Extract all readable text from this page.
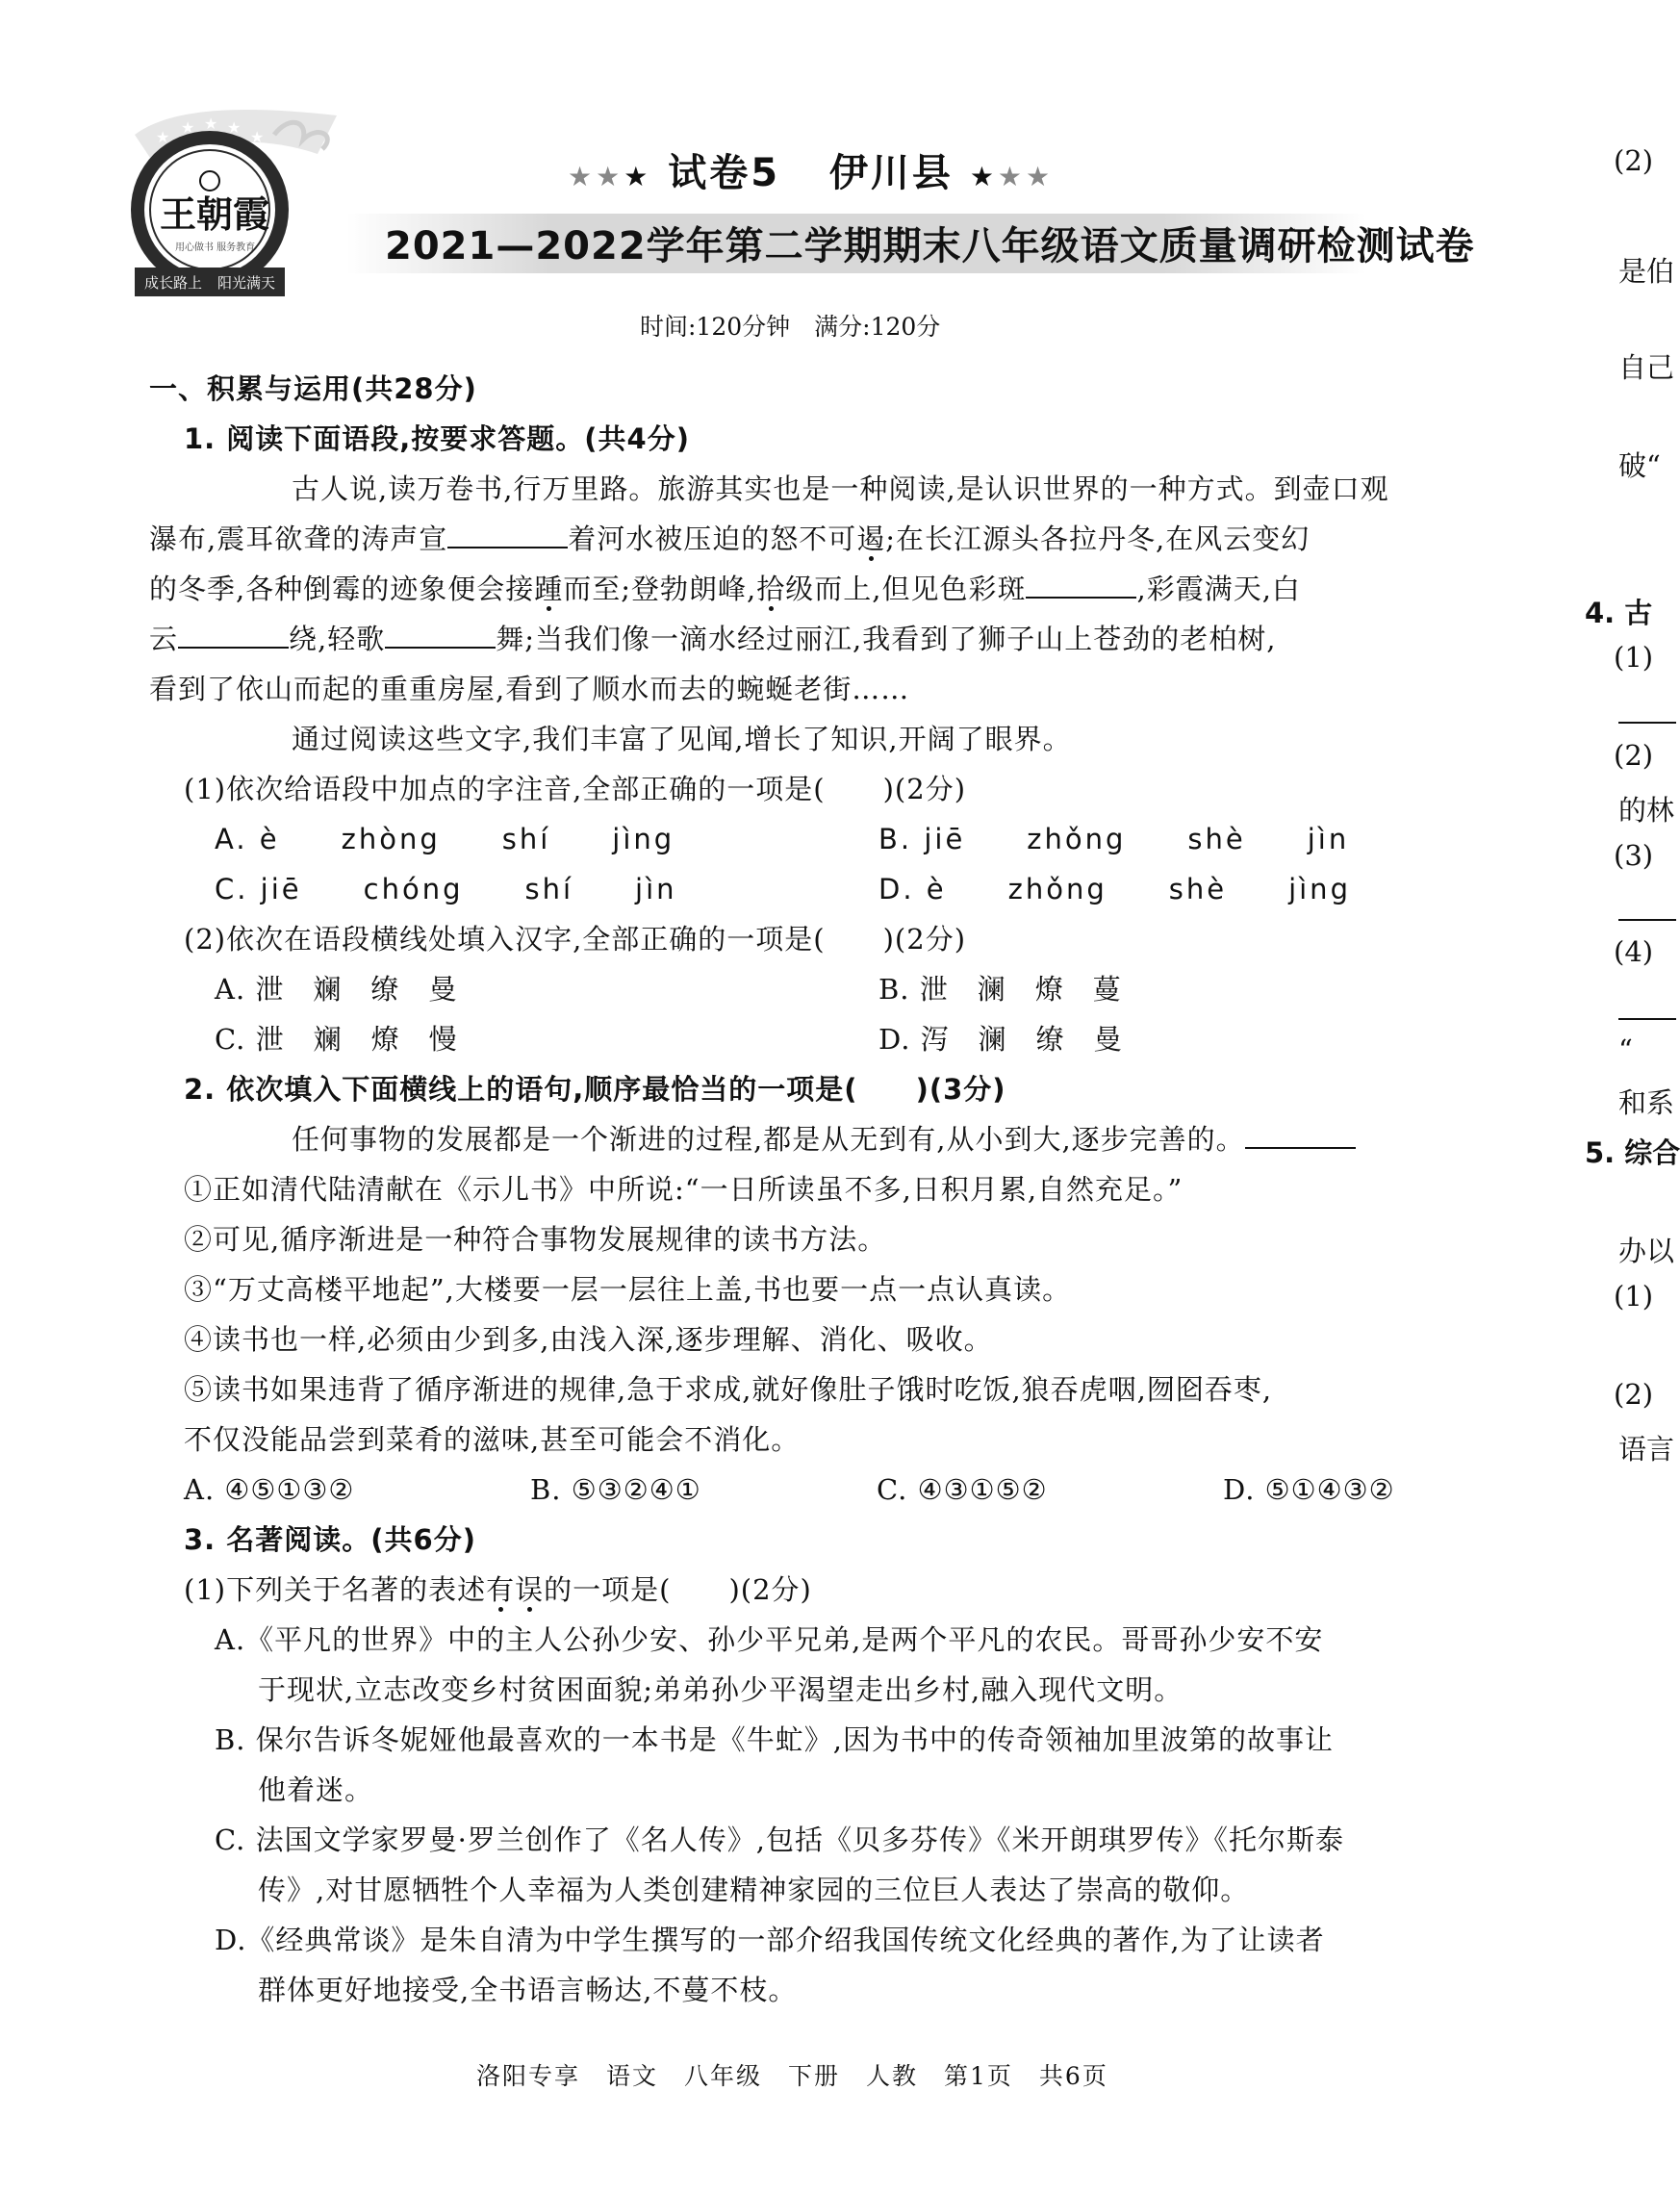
★
★ ★ ★
★
成长路上 阳光满天
王朝霞
用心做书 服务教育
★★★ 试卷5 伊川县 ★★★
2021—2022学年第二学期期末八年级语文质量调研检测试卷
时间:120分钟　满分:120分
一、积累与运用(共28分)
1. 阅读下面语段,按要求答题。(共4分)
古人说,读万卷书,行万里路。旅游其实也是一种阅读,是认识世界的一种方式。到壶口观
瀑布,震耳欲聋的涛声宣	着河水被压迫的怒不可遏;在长江源头各拉丹冬,在风云变幻
的冬季,各种倒霉的迹象便会接踵而至;登勃朗峰,拾级而上,但见色彩斑	,彩霞满天,白
云	绕,轻歌	舞;当我们像一滴水经过丽江,我看到了狮子山上苍劲的老柏树,
看到了依山而起的重重房屋,看到了顺水而去的蜿蜒老街……
通过阅读这些文字,我们丰富了见闻,增长了知识,开阔了眼界。
(1)依次给语段中加点的字注音,全部正确的一项是(　　)(2分)
A. è　　zhòng　　shí　　jìng	B. jiē　　zhǒng　　shè　　jìn
C. jiē　　chóng　　shí　　jìn	D. è　　zhǒng　　shè　　jìng
(2)依次在语段横线处填入汉字,全部正确的一项是(　　)(2分)
A. 泄　斓　缭　曼	B. 泄　澜　燎　蔓
C. 泄　斓　燎　慢	D. 泻　澜　缭　曼
2. 依次填入下面横线上的语句,顺序最恰当的一项是(　　)(3分)
任何事物的发展都是一个渐进的过程,都是从无到有,从小到大,逐步完善的。
①正如清代陆清献在《示儿书》中所说:“一日所读虽不多,日积月累,自然充足。”
②可见,循序渐进是一种符合事物发展规律的读书方法。
③“万丈高楼平地起”,大楼要一层一层往上盖,书也要一点一点认真读。
④读书也一样,必须由少到多,由浅入深,逐步理解、消化、吸收。
⑤读书如果违背了循序渐进的规律,急于求成,就好像肚子饿时吃饭,狼吞虎咽,囫囵吞枣,
不仅没能品尝到菜肴的滋味,甚至可能会不消化。
A. ④⑤①③②	B. ⑤③②④①	C. ④③①⑤②	D. ⑤①④③②
3. 名著阅读。(共6分)
(1)下列关于名著的表述有误的一项是(　　)(2分)
A.《平凡的世界》中的主人公孙少安、孙少平兄弟,是两个平凡的农民。哥哥孙少安不安
于现状,立志改变乡村贫困面貌;弟弟孙少平渴望走出乡村,融入现代文明。
B. 保尔告诉冬妮娅他最喜欢的一本书是《牛虻》,因为书中的传奇领袖加里波第的故事让
他着迷。
C. 法国文学家罗曼·罗兰创作了《名人传》,包括《贝多芬传》《米开朗琪罗传》《托尔斯泰
传》,对甘愿牺牲个人幸福为人类创建精神家园的三位巨人表达了崇高的敬仰。
D.《经典常谈》是朱自清为中学生撰写的一部介绍我国传统文化经典的著作,为了让读者
群体更好地接受,全书语言畅达,不蔓不枝。
洛阳专享　语文　八年级　下册　人教　第1页　共6页
(2)
是伯
自己
破“
4. 古
(1)
(2)
的林
(3)
(4)
“
和系
5. 综合
办以
(1)
(2)
语言
